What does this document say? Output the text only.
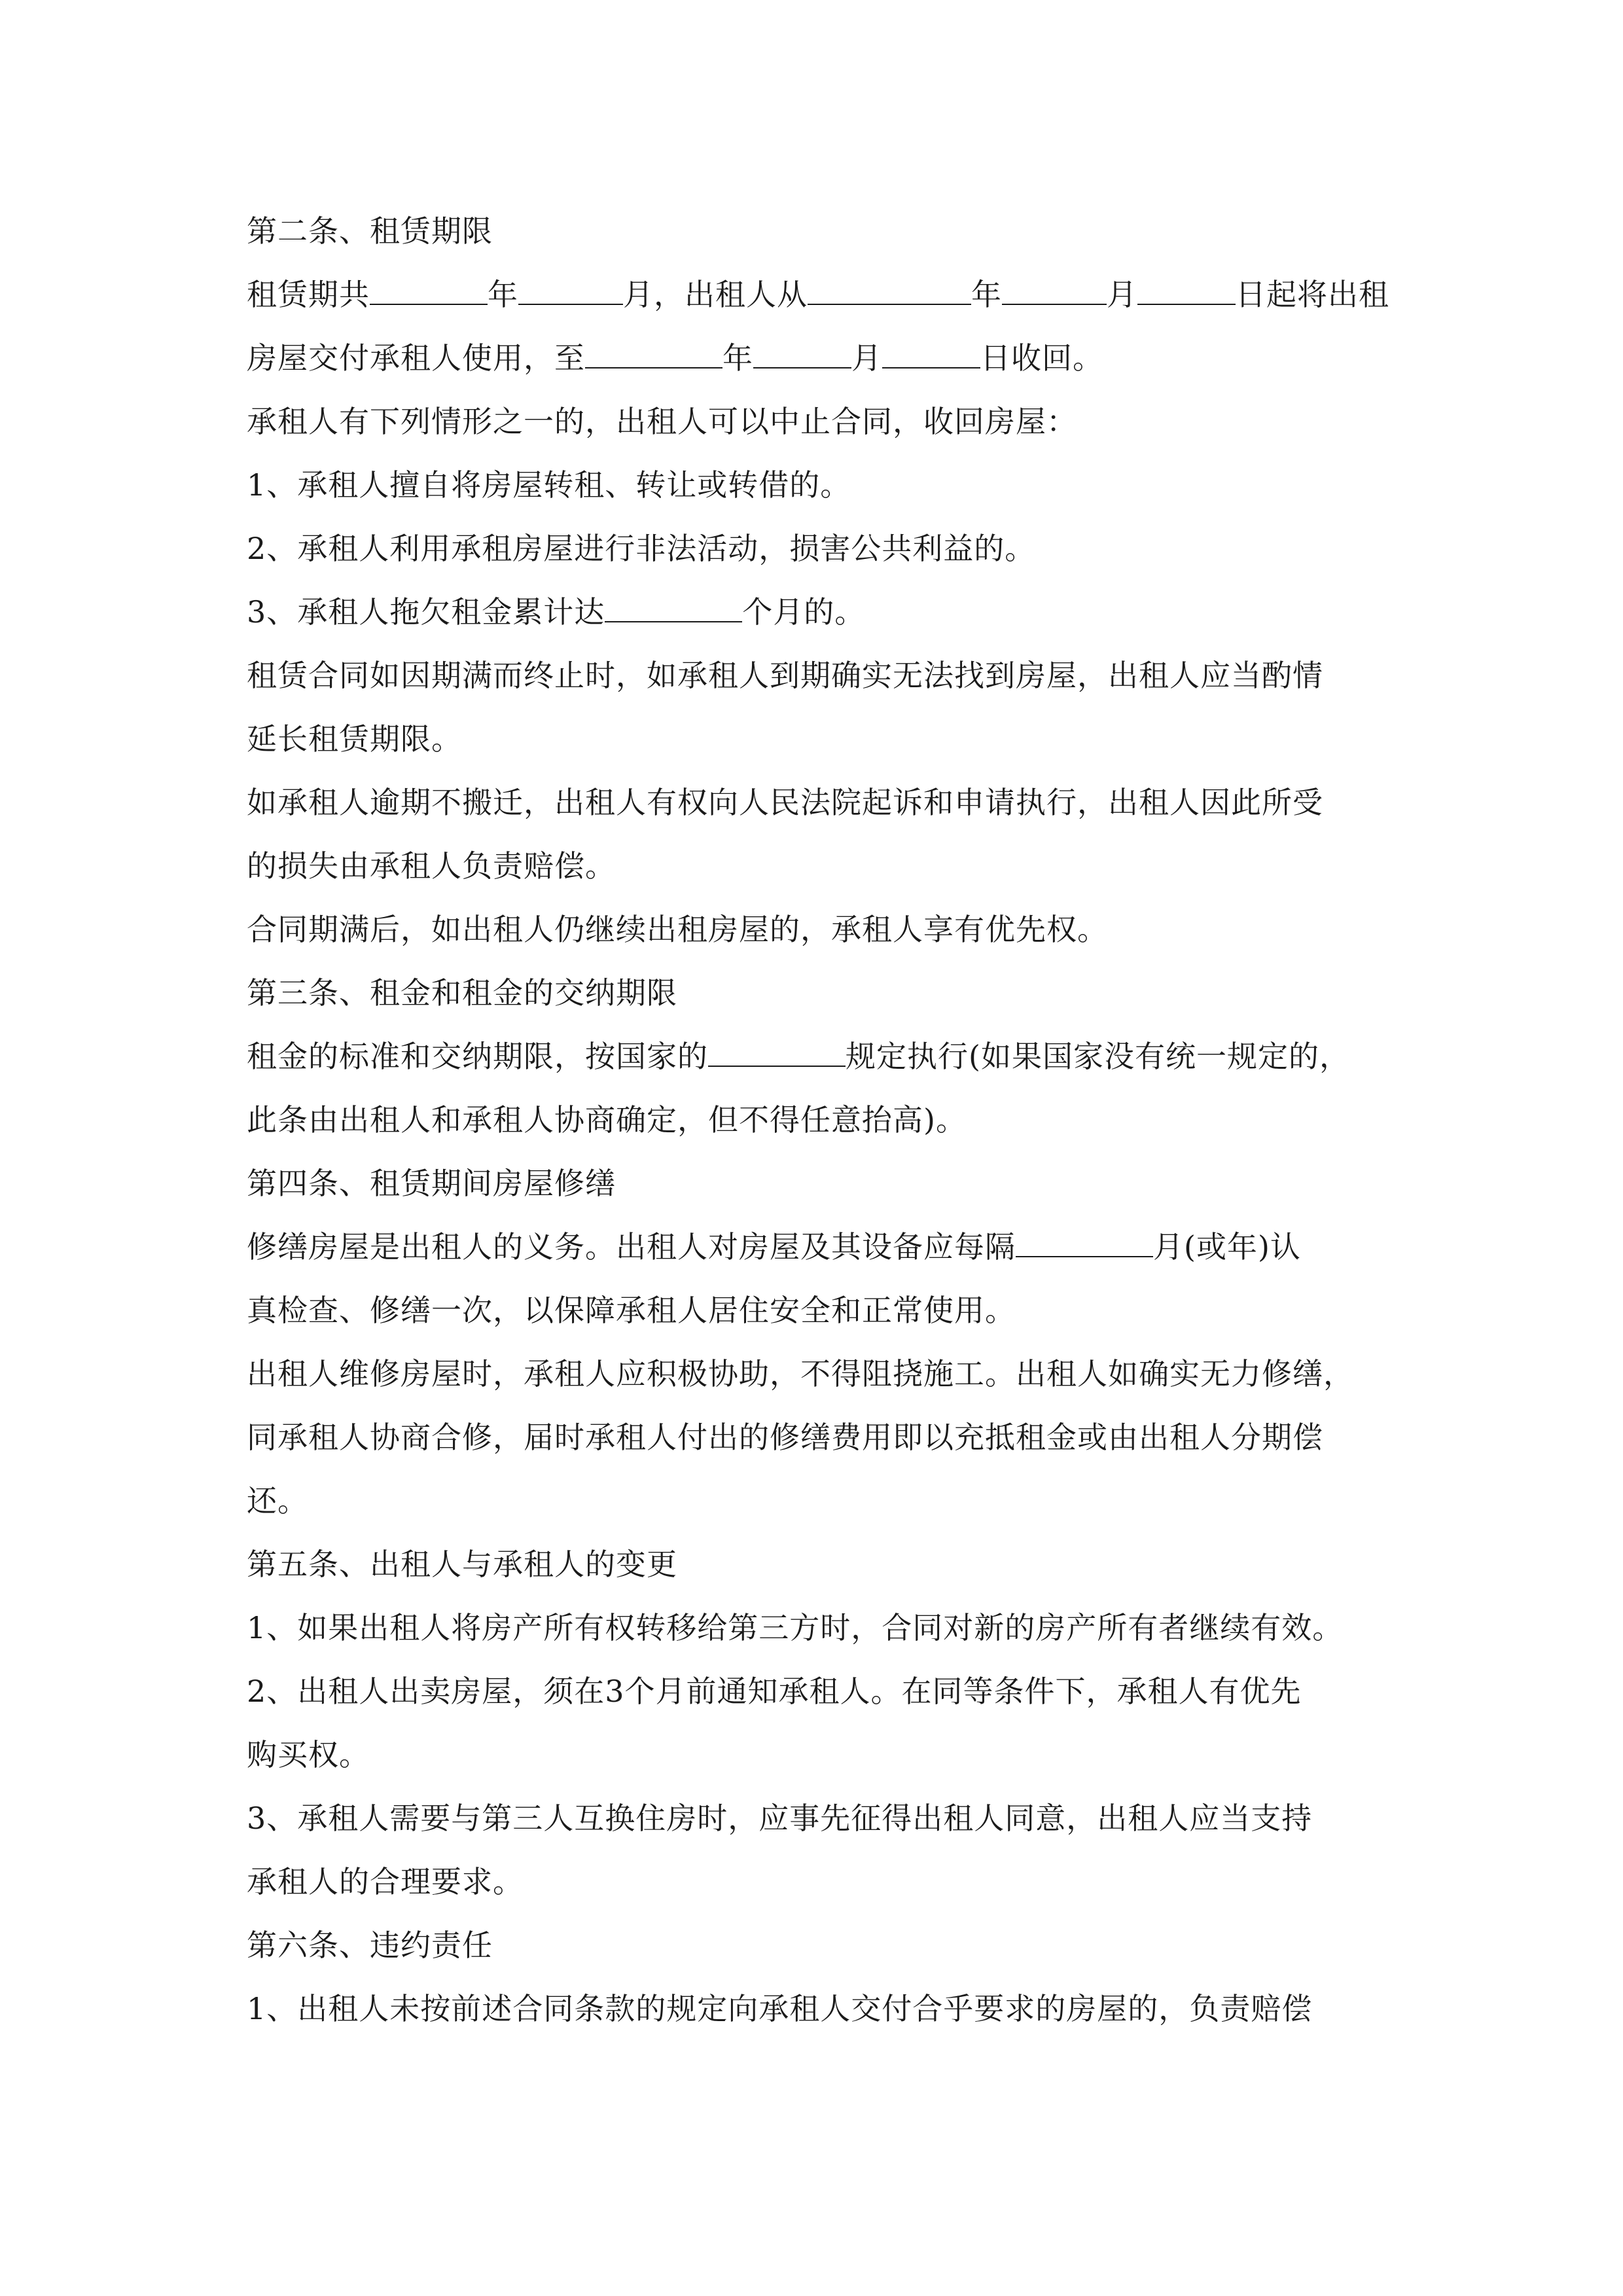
第二条、租赁期限
租赁期共	年	月，出租人从	年	月	日起将出租
房屋交付承租人使用，至	年	月	日收回。
承租人有下列情形之一的，出租人可以中止合同，收回房屋：
1、承租人擅自将房屋转租、转让或转借的。
2、承租人利用承租房屋进行非法活动，损害公共利益的。
3、承租人拖欠租金累计达	个月的。
租赁合同如因期满而终止时，如承租人到期确实无法找到房屋，出租人应当酌情
延长租赁期限。
如承租人逾期不搬迁，出租人有权向人民法院起诉和申请执行，出租人因此所受
的损失由承租人负责赔偿。
合同期满后，如出租人仍继续出租房屋的，承租人享有优先权。
第三条、租金和租金的交纳期限
租金的标准和交纳期限，按国家的	规定执行(如果国家没有统一规定的，
此条由出租人和承租人协商确定，但不得任意抬高)。
第四条、租赁期间房屋修缮
修缮房屋是出租人的义务。出租人对房屋及其设备应每隔	月(或年)认
真检查、修缮一次，以保障承租人居住安全和正常使用。
出租人维修房屋时，承租人应积极协助，不得阻挠施工。出租人如确实无力修缮，
同承租人协商合修，届时承租人付出的修缮费用即以充抵租金或由出租人分期偿
还。
第五条、出租人与承租人的变更
1、如果出租人将房产所有权转移给第三方时，合同对新的房产所有者继续有效。
2、出租人出卖房屋，须在3个月前通知承租人。在同等条件下，承租人有优先
购买权。
3、承租人需要与第三人互换住房时，应事先征得出租人同意，出租人应当支持
承租人的合理要求。
第六条、违约责任
1、出租人未按前述合同条款的规定向承租人交付合乎要求的房屋的，负责赔偿
